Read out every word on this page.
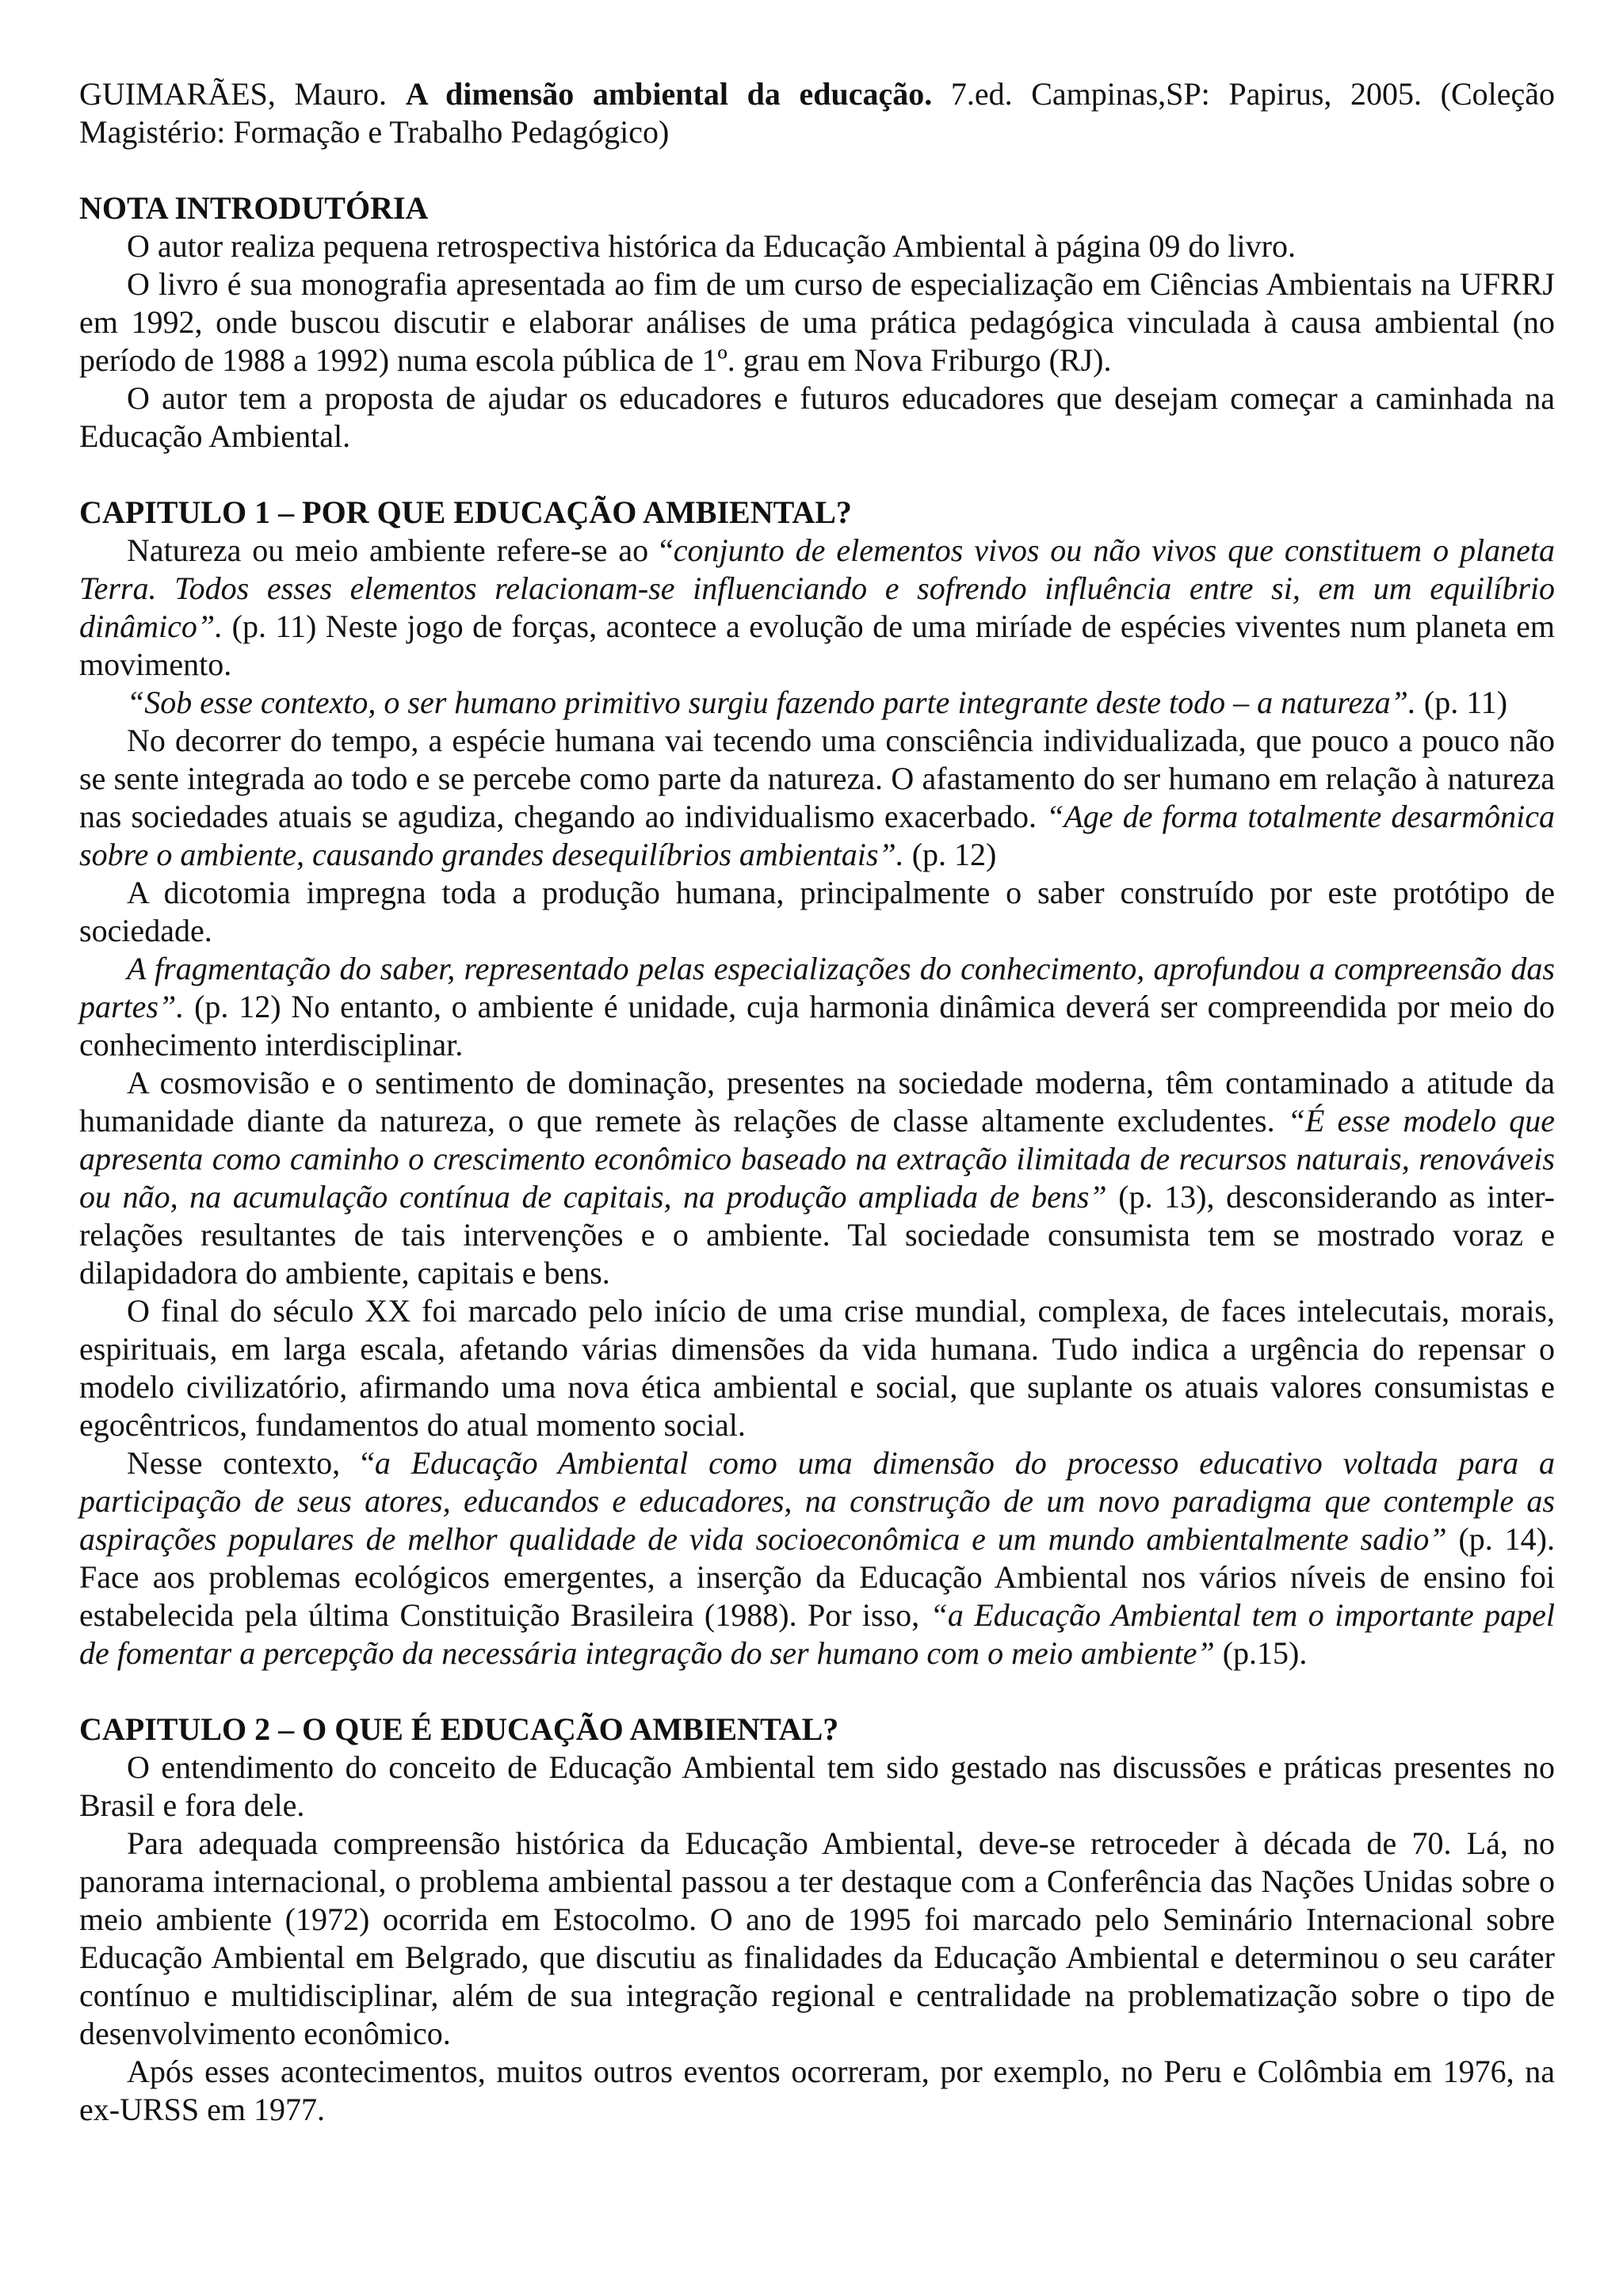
GUIMARÃES, Mauro. A dimensão ambiental da educação. 7.ed. Campinas,SP: Papirus, 2005. (Coleção Magistério: Formação e Trabalho Pedagógico)

NOTA INTRODUTÓRIA

O autor realiza pequena retrospectiva histórica da Educação Ambiental à página 09 do livro.

O livro é sua monografia apresentada ao fim de um curso de especialização em Ciências Ambientais na UFRRJ em 1992, onde buscou discutir e elaborar análises de uma prática pedagógica vinculada à causa ambiental (no período de 1988 a 1992) numa escola pública de 1º. grau em Nova Friburgo (RJ).

O autor tem a proposta de ajudar os educadores e futuros educadores que desejam começar a caminhada na Educação Ambiental.

CAPITULO 1 – POR QUE EDUCAÇÃO AMBIENTAL?

Natureza ou meio ambiente refere-se ao “conjunto de elementos vivos ou não vivos que constituem o planeta Terra. Todos esses elementos relacionam-se influenciando e sofrendo influência entre si, em um equilíbrio dinâmico”. (p. 11) Neste jogo de forças, acontece a evolução de uma miríade de espécies viventes num planeta em movimento.

“Sob esse contexto, o ser humano primitivo surgiu fazendo parte integrante deste todo – a natureza”. (p. 11)

No decorrer do tempo, a espécie humana vai tecendo uma consciência individualizada, que pouco a pouco não se sente integrada ao todo e se percebe como parte da natureza. O afastamento do ser humano em relação à natureza nas sociedades atuais se agudiza, chegando ao individualismo exacerbado. “Age de forma totalmente desarmônica sobre o ambiente, causando grandes desequilíbrios ambientais”. (p. 12)

A dicotomia impregna toda a produção humana, principalmente o saber construído por este protótipo de sociedade.

A fragmentação do saber, representado pelas especializações do conhecimento, aprofundou a compreensão das partes”. (p. 12) No entanto, o ambiente é unidade, cuja harmonia dinâmica deverá ser compreendida por meio do conhecimento interdisciplinar.

A cosmovisão e o sentimento de dominação, presentes na sociedade moderna, têm contaminado a atitude da humanidade diante da natureza, o que remete às relações de classe altamente excludentes. “É esse modelo que apresenta como caminho o crescimento econômico baseado na extração ilimitada de recursos naturais, renováveis ou não, na acumulação contínua de capitais, na produção ampliada de bens” (p. 13), desconsiderando as inter-relações resultantes de tais intervenções e o ambiente. Tal sociedade consumista tem se mostrado voraz e dilapidadora do ambiente, capitais e bens.

O final do século XX foi marcado pelo início de uma crise mundial, complexa, de faces intelecutais, morais, espirituais, em larga escala, afetando várias dimensões da vida humana. Tudo indica a urgência do repensar o modelo civilizatório, afirmando uma nova ética ambiental e social, que suplante os atuais valores consumistas e egocêntricos, fundamentos do atual momento social.

Nesse contexto, “a Educação Ambiental como uma dimensão do processo educativo voltada para a participação de seus atores, educandos e educadores, na construção de um novo paradigma que contemple as aspirações populares de melhor qualidade de vida socioeconômica e um mundo ambientalmente sadio” (p. 14). Face aos problemas ecológicos emergentes, a inserção da Educação Ambiental nos vários níveis de ensino foi estabelecida pela última Constituição Brasileira (1988). Por isso, “a Educação Ambiental tem o importante papel de fomentar a percepção da necessária integração do ser humano com o meio ambiente” (p.15).

CAPITULO 2 – O QUE É EDUCAÇÃO AMBIENTAL?

O entendimento do conceito de Educação Ambiental tem sido gestado nas discussões e práticas presentes no Brasil e fora dele.

Para adequada compreensão histórica da Educação Ambiental, deve-se retroceder à década de 70. Lá, no panorama internacional, o problema ambiental passou a ter destaque com a Conferência das Nações Unidas sobre o meio ambiente (1972) ocorrida em Estocolmo. O ano de 1995 foi marcado pelo Seminário Internacional sobre Educação Ambiental em Belgrado, que discutiu as finalidades da Educação Ambiental e determinou o seu caráter contínuo e multidisciplinar, além de sua integração regional e centralidade na problematização sobre o tipo de desenvolvimento econômico.

Após esses acontecimentos, muitos outros eventos ocorreram, por exemplo, no Peru e Colômbia em 1976, na ex-URSS em 1977.
